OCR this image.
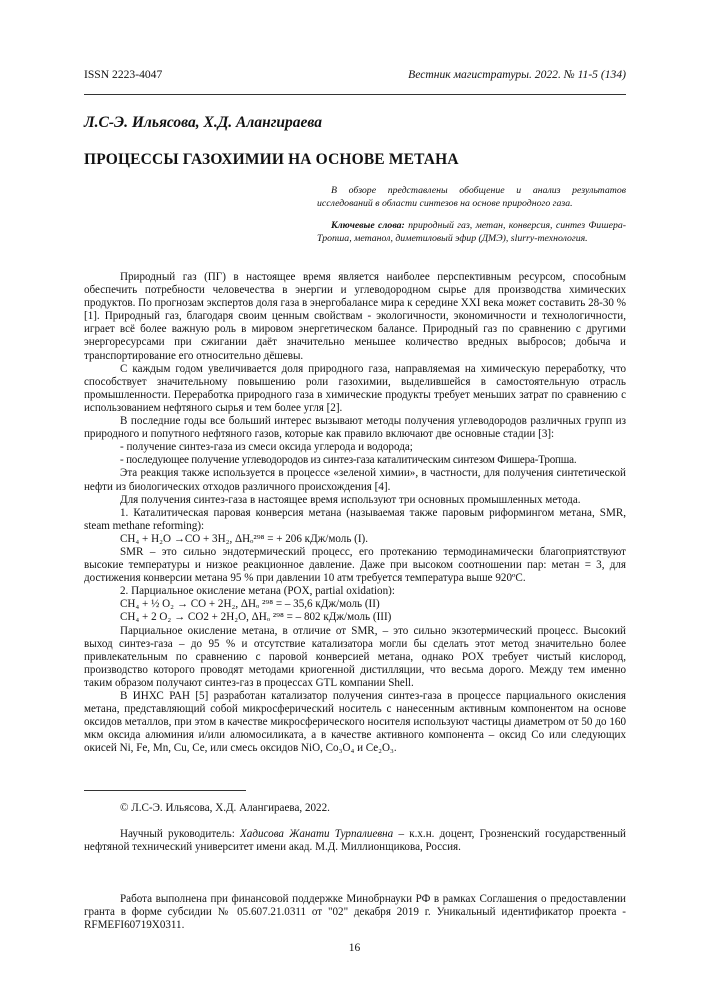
ISSN 2223-4047	Вестник магистратуры. 2022. № 11-5 (134)
Л.С-Э. Ильясова, Х.Д. Алангираева
ПРОЦЕССЫ ГАЗОХИМИИ НА ОСНОВЕ МЕТАНА

В обзоре представлены обобщение и анализ результатов исследований в области синтезов на основе природного газа.

Ключевые слова: природный газ, метан, конверсия, синтез Фишера-Тропша, метанол, диметиловый эфир (ДМЭ), slurry-технология.

Природный газ (ПГ) в настоящее время является наиболее перспективным ресурсом, способным обеспечить потребности человечества в энергии и углеводородном сырье для производства химических продуктов. По прогнозам экспертов доля газа в энергобалансе мира к середине XXI века может составить 28-30 % [1]. Природный газ, благодаря своим ценным свойствам - экологичности, экономичности и технологичности, играет всё более важную роль в мировом энергетическом балансе. Природный газ по сравнению с другими энергоресурсами при сжигании даёт значительно меньшее количество вредных выбросов; добыча и транспортирование его относительно дёшевы.

С каждым годом увеличивается доля природного газа, направляемая на химическую переработку, что способствует значительному повышению роли газохимии, выделившейся в самостоятельную отрасль промышленности. Переработка природного газа в химические продукты требует меньших затрат по сравнению с использованием нефтяного сырья и тем более угля [2].

В последние годы все больший интерес вызывают методы получения углеводородов различных групп из природного и попутного нефтяного газов, которые как правило включают две основные стадии [3]:

- получение синтез-газа из смеси оксида углерода и водорода;

- последующее получение углеводородов из синтез-газа каталитическим синтезом Фишера-Тропша.

Эта реакция также используется в процессе «зеленой химии», в частности, для получения синтетической нефти из биологических отходов различного происхождения [4].

Для получения синтез-газа в настоящее время используют три основных промышленных метода.

1. Каталитическая паровая конверсия метана (называемая также паровым риформингом метана, SMR, steam methane reforming):

CH₄ + H₂O →CO + 3H₂, ΔHₒ²⁹⁸ = + 206 кДж/моль (I).

SMR – это сильно эндотермический процесс, его протеканию термодинамически благоприятствуют высокие температуры и низкое реакционное давление. Даже при высоком соотношении пар: метан = 3, для достижения конверсии метана 95 % при давлении 10 атм требуется температура выше 920ºС.

2. Парциальное окисление метана (POX, partial oxidation):

CH₄ + ½ O₂ → CO + 2H₂, ΔHₒ ²⁹⁸ = – 35,6 кДж/моль (II)

CH₄ + 2 O₂ → CO2 + 2H₂O, ΔHₒ ²⁹⁸ = – 802 кДж/моль (III)

Парциальное окисление метана, в отличие от SMR, – это сильно экзотермический процесс. Высокий выход синтез-газа – до 95 % и отсутствие катализатора могли бы сделать этот метод значительно более привлекательным по сравнению с паровой конверсией метана, однако POX требует чистый кислород, производство которого проводят методами криогенной дистилляции, что весьма дорого. Между тем именно таким образом получают синтез-газ в процессах GTL компании Shell.

В ИНХС РАН [5] разработан катализатор получения синтез-газа в процессе парциального окисления метана, представляющий собой микросферический носитель с нанесенным активным компонентом на основе оксидов металлов, при этом в качестве микросферического носителя используют частицы диаметром от 50 до 160 мкм оксида алюминия и/или алюмосиликата, а в качестве активного компонента – оксид Co или следующих окисей Ni, Fe, Mn, Cu, Ce, или смесь оксидов NiO, Co₃O₄ и Ce₂O₃.

© Л.С-Э. Ильясова, Х.Д. Алангираева, 2022.

Научный руководитель: Хадисова Жанати Турпалиевна – к.х.н. доцент, Грозненский государственный нефтяной технический университет имени акад. М.Д. Миллионщикова, Россия.

Работа выполнена при финансовой поддержке Минобрнауки РФ в рамках Соглашения о предоставлении гранта в форме субсидии № 05.607.21.0311 от "02" декабря 2019 г. Уникальный идентификатор проекта - RFMEFI60719X0311.

16
